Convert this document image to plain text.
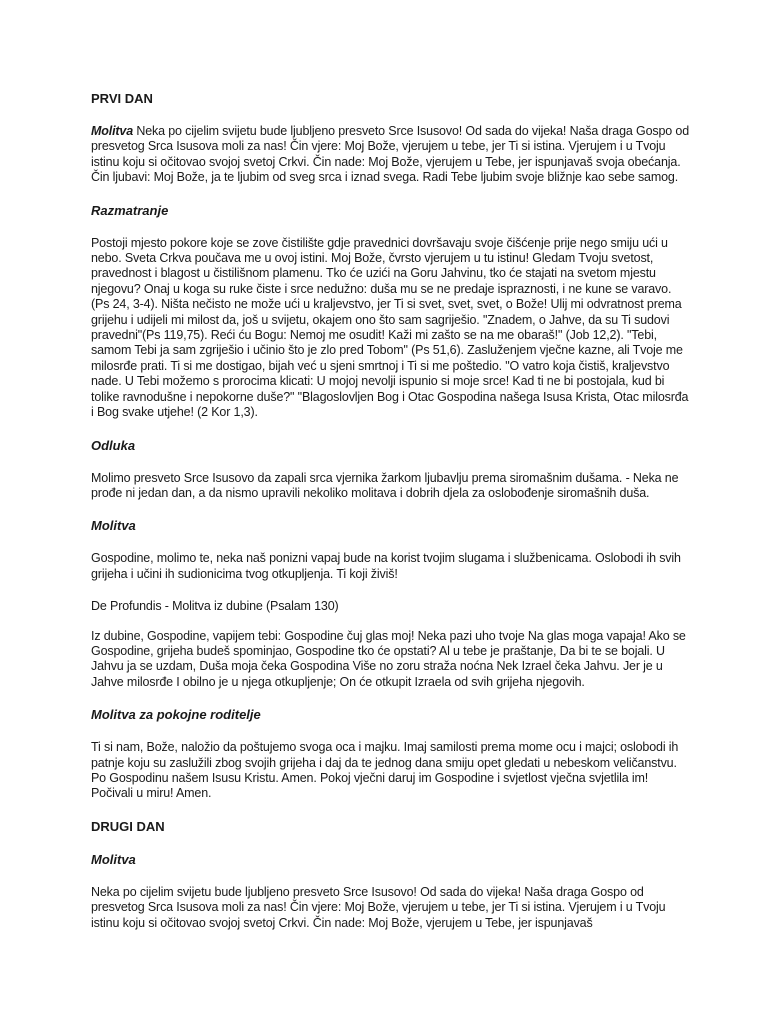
PRVI DAN

Molitva Neka po cijelim svijetu bude ljubljeno presveto Srce Isusovo! Od sada do vijeka! Naša draga Gospo od presvetog Srca Isusova moli za nas! Čin vjere: Moj Bože, vjerujem u tebe, jer Ti si istina. Vjerujem i u Tvoju istinu koju si očitovao svojoj svetoj Crkvi. Čin nade: Moj Bože, vjerujem u Tebe, jer ispunjavaš svoja obećanja. Čin ljubavi: Moj Bože, ja te ljubim od sveg srca i iznad svega. Radi Tebe ljubim svoje bližnje kao sebe samog.

Razmatranje

Postoji mjesto pokore koje se zove čistilište gdje pravednici dovršavaju svoje čišćenje prije nego smiju ući u nebo. Sveta Crkva poučava me u ovoj istini. Moj Bože, čvrsto vjerujem u tu istinu! Gledam Tvoju svetost, pravednost i blagost u čistilišnom plamenu. Tko će uzići na Goru Jahvinu, tko će stajati na svetom mjestu njegovu? Onaj u koga su ruke čiste i srce nedužno: duša mu se ne predaje ispraznosti, i ne kune se varavo. (Ps 24, 3-4). Ništa nečisto ne može ući u kraljevstvo, jer Ti si svet, svet, svet, o Bože! Ulij mi odvratnost prema grijehu i udijeli mi milost da, još u svijetu, okajem ono što sam sagriješio. "Znadem, o Jahve, da su Ti sudovi pravedni"(Ps 119,75). Reći ću Bogu: Nemoj me osudit! Kaži mi zašto se na me obaraš!" (Job 12,2). "Tebi, samom Tebi ja sam zgriješio i učinio što je zlo pred Tobom" (Ps 51,6). Zasluženjem vječne kazne, ali Tvoje me milosrđe prati. Ti si me dostigao, bijah već u sjeni smrtnoj i Ti si me poštedio. "O vatro koja čistiš, kraljevstvo nade. U Tebi možemo s prorocima klicati: U mojoj nevolji ispunio si moje srce! Kad ti ne bi postojala, kud bi tolike ravnodušne i nepokorne duše?" "Blagoslovljen Bog i Otac Gospodina našega Isusa Krista, Otac milosrđa i Bog svake utjehe! (2 Kor 1,3).

Odluka

Molimo presveto Srce Isusovo da zapali srca vjernika žarkom ljubavlju prema siromašnim dušama. - Neka ne prođe ni jedan dan, a da nismo upravili nekoliko molitava i dobrih djela za oslobođenje siromašnih duša.

Molitva

Gospodine, molimo te, neka naš ponizni vapaj bude na korist tvojim slugama i službenicama. Oslobodi ih svih grijeha i učini ih sudionicima tvog otkupljenja. Ti koji živiš!

De Profundis - Molitva iz dubine (Psalam 130)

Iz dubine, Gospodine, vapijem tebi: Gospodine čuj glas moj! Neka pazi uho tvoje Na glas moga vapaja! Ako se Gospodine, grijeha budeš spominjao, Gospodine tko će opstati? Al u tebe je praštanje, Da bi te se bojali. U Jahvu ja se uzdam, Duša moja čeka Gospodina Više no zoru straža noćna Nek Izrael čeka Jahvu. Jer je u Jahve milosrđe I obilno je u njega otkupljenje; On će otkupit Izraela od svih grijeha njegovih.

Molitva za pokojne roditelje

Ti si nam, Bože, naložio da poštujemo svoga oca i majku. Imaj samilosti prema mome ocu i majci; oslobodi ih patnje koju su zaslužili zbog svojih grijeha i daj da te jednog dana smiju opet gledati u nebeskom veličanstvu. Po Gospodinu našem Isusu Kristu. Amen. Pokoj vječni daruj im Gospodine i svjetlost vječna svjetlila im! Počivali u miru! Amen.

DRUGI DAN
Molitva

Neka po cijelim svijetu bude ljubljeno presveto Srce Isusovo! Od sada do vijeka! Naša draga Gospo od presvetog Srca Isusova moli za nas! Čin vjere: Moj Bože, vjerujem u tebe, jer Ti si istina. Vjerujem i u Tvoju istinu koju si očitovao svojoj svetoj Crkvi. Čin nade: Moj Bože, vjerujem u Tebe, jer ispunjavaš
